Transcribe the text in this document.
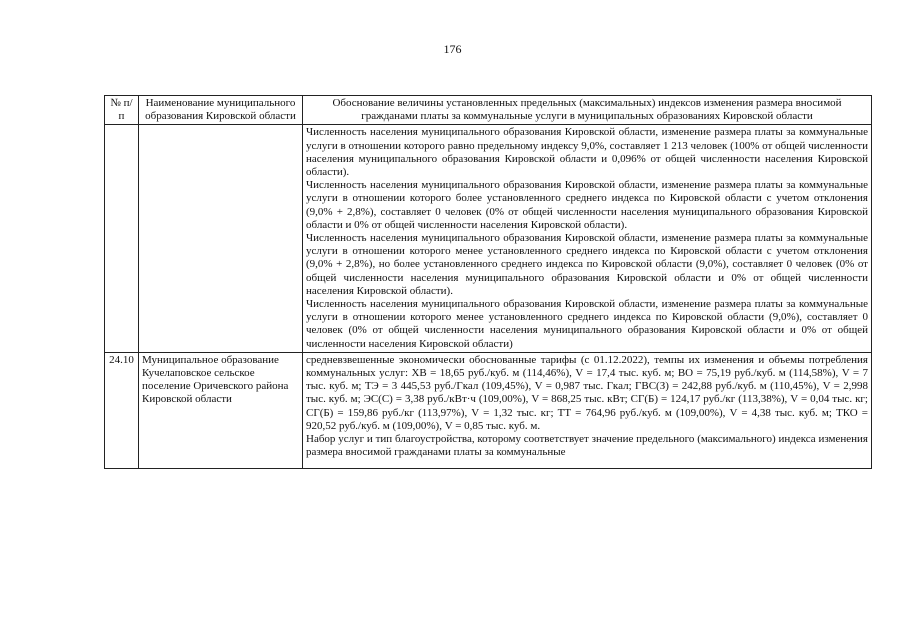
176
№ п/п	Наименование муниципального образования Кировской области	Обоснование величины установленных предельных (максимальных) индексов изменения размера вносимой гражданами платы за коммунальные услуги в муниципальных образованиях Кировской области

		Численность населения муниципального образования Кировской области, изменение размера платы за коммунальные услуги в отношении которого равно предельному индексу 9,0%, составляет 1 213 человек (100% от общей численности населения муниципального образования Кировской области и 0,096% от общей численности населения Кировской области).

Численность населения муниципального образования Кировской области, изменение размера платы за коммунальные услуги в отношении которого более установленного среднего индекса по Кировской области с учетом отклонения (9,0% + 2,8%), составляет 0 человек (0% от общей численности населения муниципального образования Кировской области и 0% от общей численности населения Кировской области).

Численность населения муниципального образования Кировской области, изменение размера платы за коммунальные услуги в отношении которого менее установленного среднего индекса по Кировской области с учетом отклонения (9,0% + 2,8%), но более установленного среднего индекса по Кировской области (9,0%), составляет 0 человек (0% от общей численности населения муниципального образования Кировской области и 0% от общей численности населения Кировской области).

Численность населения муниципального образования Кировской области, изменение размера платы за коммунальные услуги в отношении которого менее установленного среднего индекса по Кировской области (9,0%), составляет 0 человек (0% от общей численности населения муниципального образования Кировской области и 0% от общей численности населения Кировской области)

24.10	Муниципальное образование Кучелаповское сельское поселение Оричевского района Кировской области	средневзвешенные экономически обоснованные тарифы (с 01.12.2022), темпы их изменения и объемы потребления коммунальных услуг: ХВ = 18,65 руб./куб. м (114,46%), V = 17,4 тыс. куб. м; ВО = 75,19 руб./куб. м (114,58%), V = 7 тыс. куб. м; ТЭ = 3 445,53 руб./Гкал (109,45%), V = 0,987 тыс. Гкал; ГВС(З) = 242,88 руб./куб. м (110,45%), V = 2,998 тыс. куб. м; ЭС(С) = 3,38 руб./кВт·ч (109,00%), V = 868,25 тыс. кВт; СГ(Б) = 124,17 руб./кг (113,38%), V = 0,04 тыс. кг; СГ(Б) = 159,86 руб./кг (113,97%), V = 1,32 тыс. кг; ТТ = 764,96 руб./куб. м (109,00%), V = 4,38 тыс. куб. м; ТКО = 920,52 руб./куб. м (109,00%), V = 0,85 тыс. куб. м.

Набор услуг и тип благоустройства, которому соответствует значение предельного (максимального) индекса изменения размера вносимой гражданами платы за коммунальные
